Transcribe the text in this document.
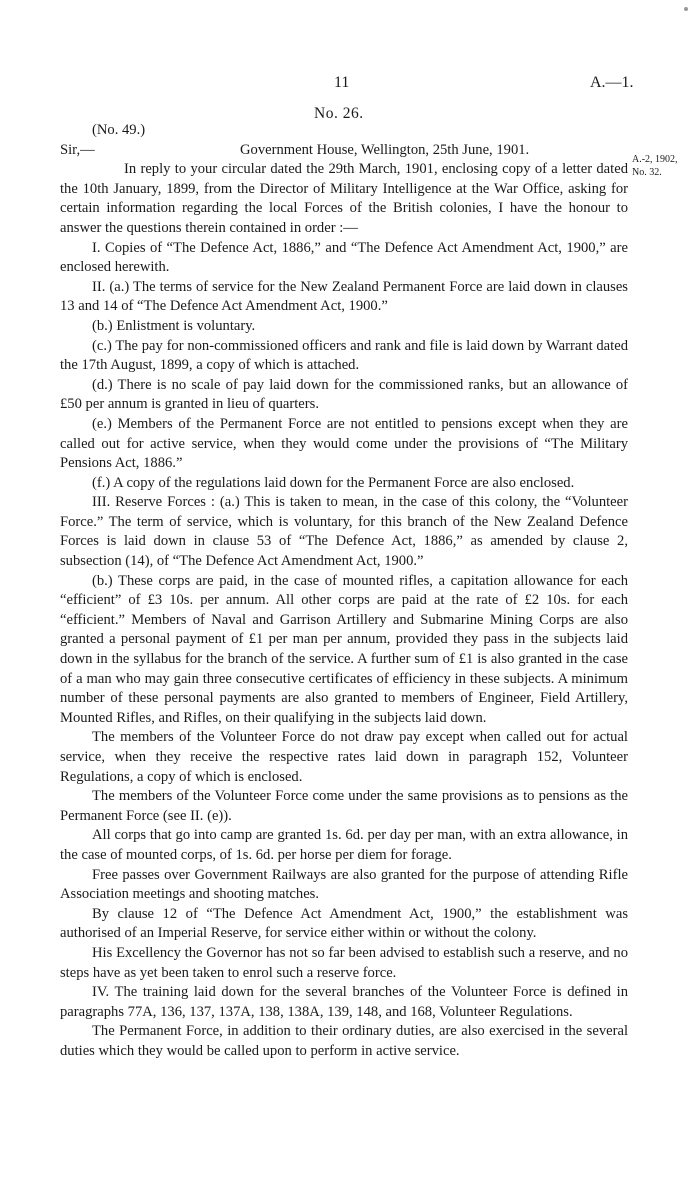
11	A.—1.
No. 26.
A.-2, 1902,
No. 32.

(No. 49.)

Sir,—	Government House, Wellington, 25th June, 1901.

In reply to your circular dated the 29th March, 1901, enclosing copy of a letter dated the 10th January, 1899, from the Director of Military Intelligence at the War Office, asking for certain information regarding the local Forces of the British colonies, I have the honour to answer the questions therein contained in order :—

I. Copies of “The Defence Act, 1886,” and “The Defence Act Amendment Act, 1900,” are enclosed herewith.

II. (a.) The terms of service for the New Zealand Permanent Force are laid down in clauses 13 and 14 of “The Defence Act Amendment Act, 1900.”

(b.) Enlistment is voluntary.

(c.) The pay for non-commissioned officers and rank and file is laid down by Warrant dated the 17th August, 1899, a copy of which is attached.

(d.) There is no scale of pay laid down for the commissioned ranks, but an allowance of £50 per annum is granted in lieu of quarters.

(e.) Members of the Permanent Force are not entitled to pensions except when they are called out for active service, when they would come under the provisions of “The Military Pensions Act, 1886.”

(f.) A copy of the regulations laid down for the Permanent Force are also enclosed.

III. Reserve Forces : (a.) This is taken to mean, in the case of this colony, the “Volunteer Force.” The term of service, which is voluntary, for this branch of the New Zealand Defence Forces is laid down in clause 53 of “The Defence Act, 1886,” as amended by clause 2, subsection (14), of “The Defence Act Amendment Act, 1900.”

(b.) These corps are paid, in the case of mounted rifles, a capitation allowance for each “efficient” of £3 10s. per annum. All other corps are paid at the rate of £2 10s. for each “efficient.” Members of Naval and Garrison Artillery and Submarine Mining Corps are also granted a personal payment of £1 per man per annum, provided they pass in the subjects laid down in the syllabus for the branch of the service. A further sum of £1 is also granted in the case of a man who may gain three consecutive certificates of efficiency in these subjects. A minimum number of these personal payments are also granted to members of Engineer, Field Artillery, Mounted Rifles, and Rifles, on their qualifying in the subjects laid down.

The members of the Volunteer Force do not draw pay except when called out for actual service, when they receive the respective rates laid down in paragraph 152, Volunteer Regulations, a copy of which is enclosed.

The members of the Volunteer Force come under the same provisions as to pensions as the Permanent Force (see II. (e)).

All corps that go into camp are granted 1s. 6d. per day per man, with an extra allowance, in the case of mounted corps, of 1s. 6d. per horse per diem for forage.

Free passes over Government Railways are also granted for the purpose of attending Rifle Association meetings and shooting matches.

By clause 12 of “The Defence Act Amendment Act, 1900,” the establishment was authorised of an Imperial Reserve, for service either within or without the colony.

His Excellency the Governor has not so far been advised to establish such a reserve, and no steps have as yet been taken to enrol such a reserve force.

IV. The training laid down for the several branches of the Volunteer Force is defined in paragraphs 77A, 136, 137, 137A, 138, 138A, 139, 148, and 168, Volunteer Regulations.

The Permanent Force, in addition to their ordinary duties, are also exercised in the several duties which they would be called upon to perform in active service.
